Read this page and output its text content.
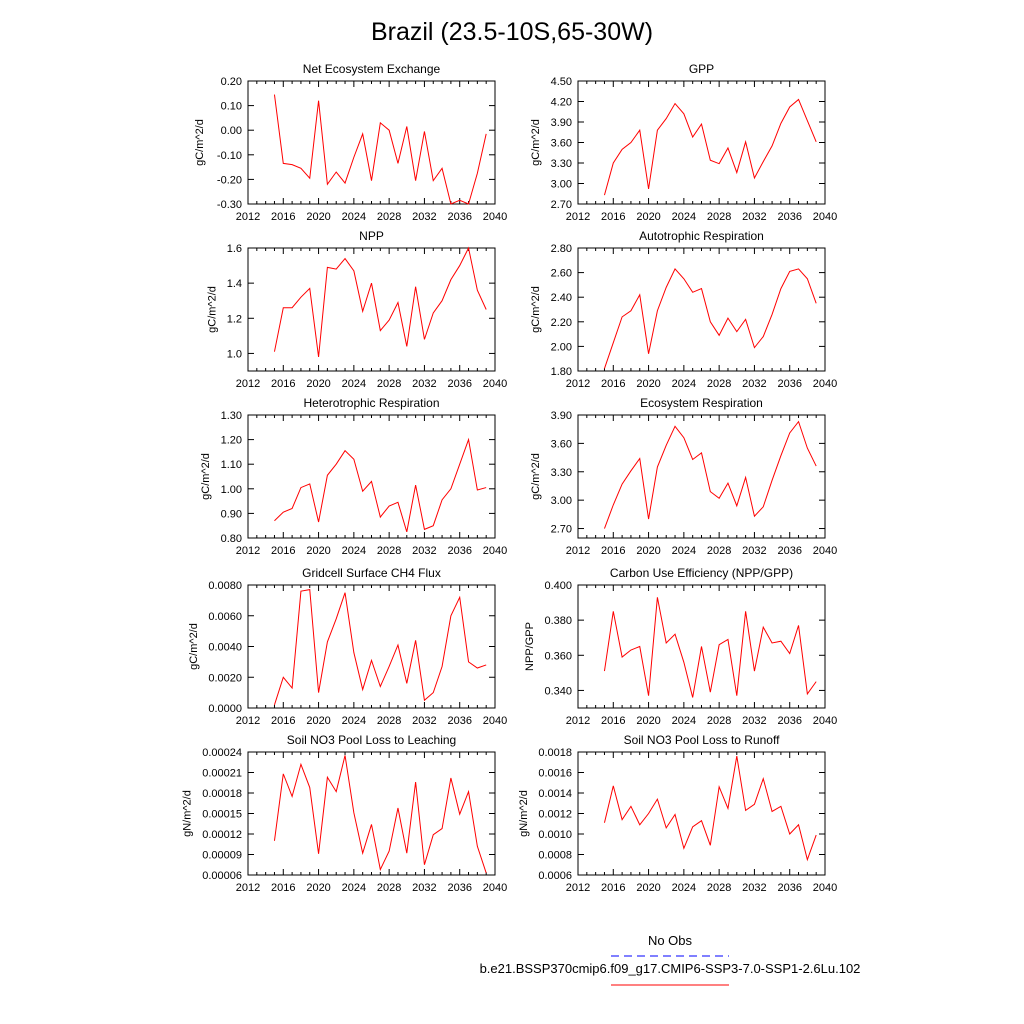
Brazil (23.5-10S,65-30W)
Net Ecosystem Exchange
2012 2016 2020 2024 2028 2032 2036 2040
-0.30
-0.20
-0.10
0.00
0.10
0.20
gC/m^2/d
GPP
2012 2016 2020 2024 2028 2032 2036 2040
2.70
3.00
3.30
3.60
3.90
4.20
4.50
gC/m^2/d
NPP
2012 2016 2020 2024 2028 2032 2036 2040
1.0
1.2
1.4
1.6
gC/m^2/d
Autotrophic Respiration
2012 2016 2020 2024 2028 2032 2036 2040
1.80
2.00
2.20
2.40
2.60
2.80
gC/m^2/d
Heterotrophic Respiration
2012 2016 2020 2024 2028 2032 2036 2040
0.80
0.90
1.00
1.10
1.20
1.30
gC/m^2/d
Ecosystem Respiration
2012 2016 2020 2024 2028 2032 2036 2040
2.70
3.00
3.30
3.60
3.90
gC/m^2/d
Gridcell Surface CH4 Flux
2012 2016 2020 2024 2028 2032 2036 2040
0.0000
0.0020
0.0040
0.0060
0.0080
gC/m^2/d
Carbon Use Efficiency (NPP/GPP)
2012 2016 2020 2024 2028 2032 2036 2040
0.340
0.360
0.380
0.400
NPP/GPP
Soil NO3 Pool Loss to Leaching
2012 2016 2020 2024 2028 2032 2036 2040
0.00006
0.00009
0.00012
0.00015
0.00018
0.00021
0.00024
gN/m^2/d
Soil NO3 Pool Loss to Runoff
2012 2016 2020 2024 2028 2032 2036 2040
0.0006
0.0008
0.0010
0.0012
0.0014
0.0016
0.0018
gN/m^2/d
No Obs
b.e21.BSSP370cmip6.f09_g17.CMIP6-SSP3-7.0-SSP1-2.6Lu.102
